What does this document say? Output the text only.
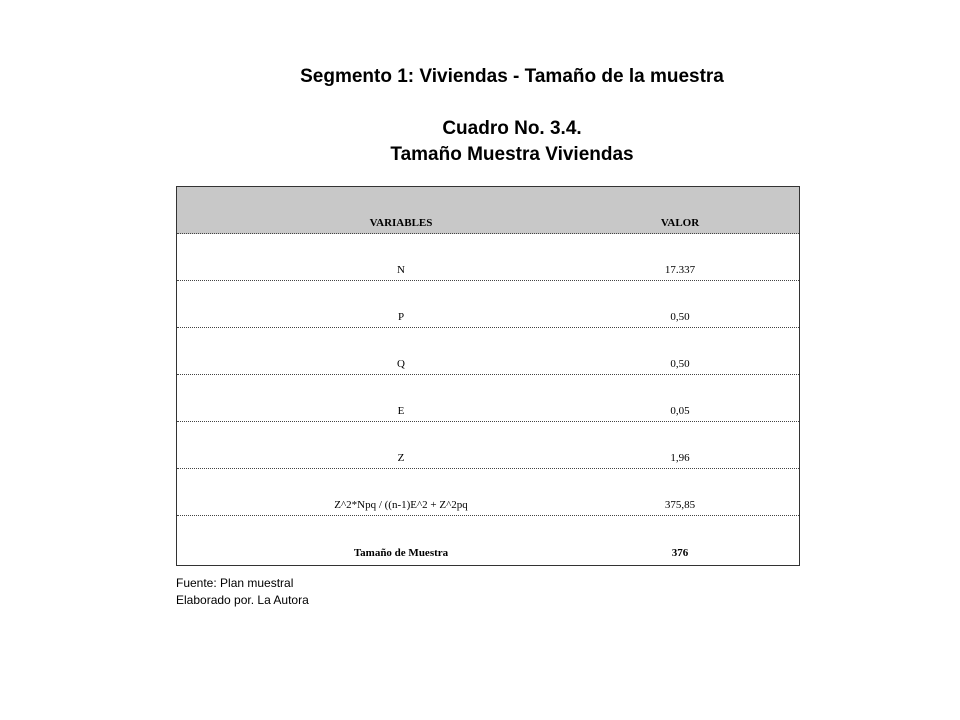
Segmento 1: Viviendas - Tamaño de la muestra
Cuadro No. 3.4.
Tamaño Muestra Viviendas
VARIABLES	VALOR
N	17.337
P	0,50
Q	0,50
E	0,05
Z	1,96
Z^2*Npq / ((n-1)E^2 + Z^2pq	375,85
Tamaño de Muestra	376
Fuente: Plan muestral
Elaborado por. La Autora
